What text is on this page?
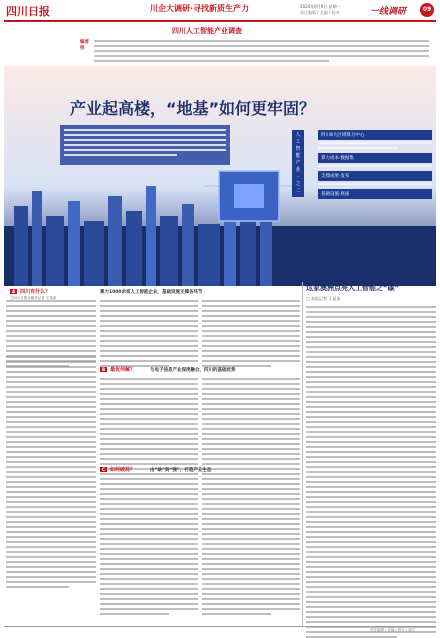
四川日报	2024年9月9日 星期一
责任编辑 / 美编 / 校对	一线调研	09
川企大调研·寻找新质生产力
四川人工智能产业调查
编者按
产业起高楼，“地基”如何更牢固？
人
工
智
能
产
业
·
之
二
四川8大区域算力中心
算力成本·数据集
支撑成果·发布
基础设施·底座
□四川日报全媒体记者 王某某
A	四川有什么？	算力1000余家人工智能企业，基础设施支撑各环节
B	最优何解？	与电子信息产业深度融合，四川的基础优势
C	如何破局？	由“缺”到“强”，打造产业生态
这家澳洲点亮人工智能之“碳”
□ 本报记者 王某某
责任编辑 / 美编 / 校对 / 版式
